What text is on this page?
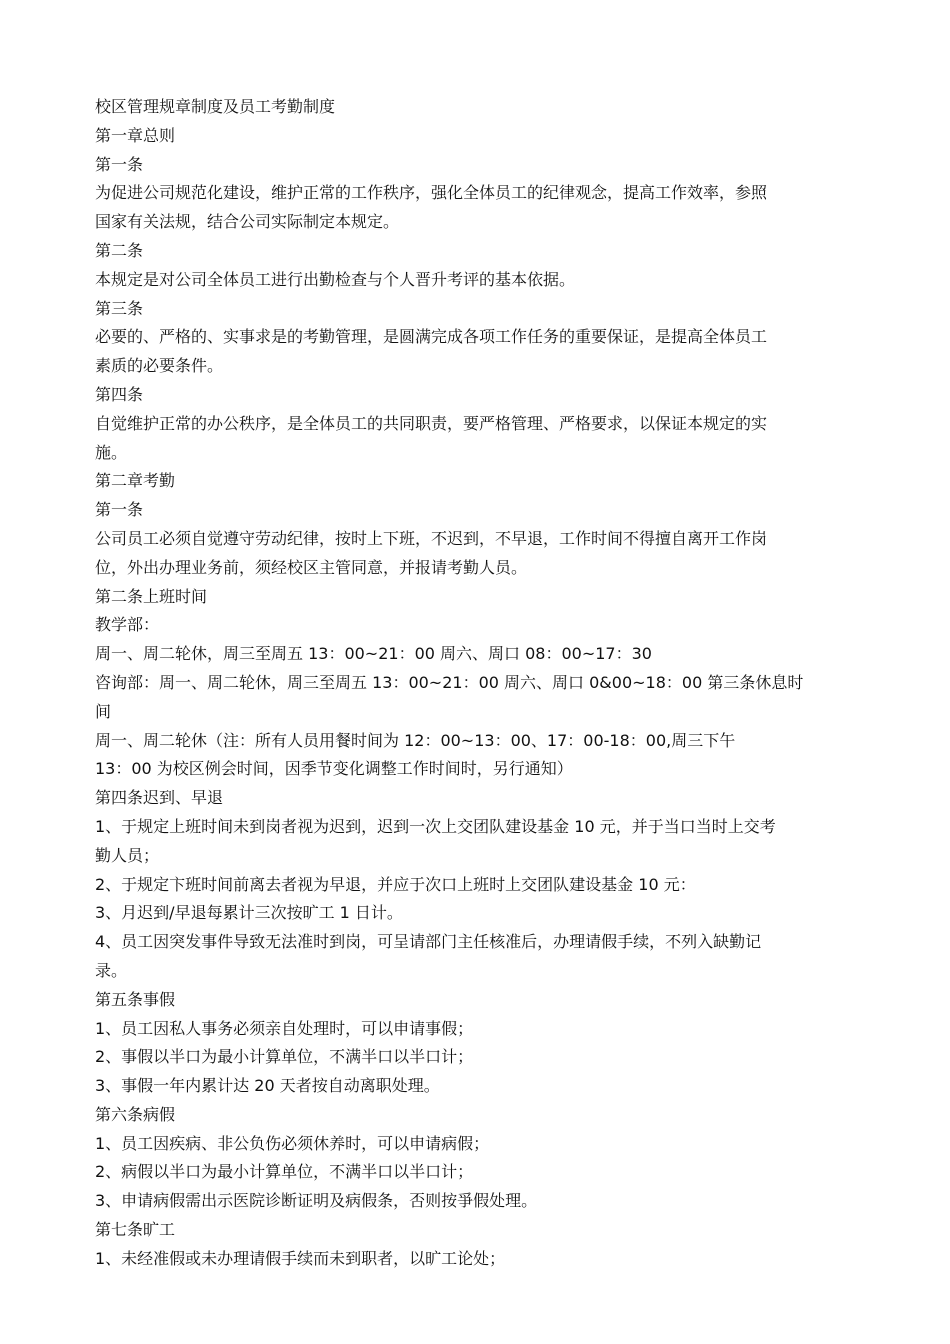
校区管理规章制度及员工考勤制度
第一章总则
第一条
为促进公司规范化建设，维护正常的工作秩序，强化全体员工的纪律观念，提高工作效率，参照
国家有关法规，结合公司实际制定本规定。
第二条
本规定是对公司全体员工进行出勤检查与个人晋升考评的基本依据。
第三条
必要的、严格的、实事求是的考勤管理，是圆满完成各项工作任务的重要保证，是提高全体员工
素质的必要条件。
第四条
自觉维护正常的办公秩序，是全体员工的共同职责，要严格管理、严格要求，以保证本规定的实
施。
第二章考勤
第一条
公司员工必须自觉遵守劳动纪律，按时上下班，不迟到，不早退，工作时间不得擅自离开工作岗
位，外出办理业务前，须经校区主管同意，并报请考勤人员。
第二条上班时间
教学部：
周一、周二轮休，周三至周五 13：00~21：00 周六、周口 08：00~17：30
咨询部：周一、周二轮休，周三至周五 13：00~21：00 周六、周口 0&00~18：00 第三条休息时
间
周一、周二轮休（注：所有人员用餐时间为 12：00~13：00、17：00-18：00,周三下午
13：00 为校区例会时间，因季节变化调整工作时间时，另行通知）
第四条迟到、早退
1、于规定上班时间未到岗者视为迟到，迟到一次上交团队建设基金 10 元，并于当口当时上交考
勤人员；
2、于规定卞班时间前离去者视为早退，并应于次口上班时上交团队建设基金 10 元：
3、月迟到/早退每累计三次按旷工 1 日计。
4、员工因突发事件导致无法准时到岗，可呈请部门主任核准后，办理请假手续，不列入缺勤记
录。
第五条事假
1、员工因私人事务必须亲自处理时，可以申请事假；
2、事假以半口为最小计算单位，不满半口以半口计；
3、事假一年内累计达 20 天者按自动离职处理。
第六条病假
1、员工因疾病、非公负伤必须休养时，可以申请病假；
2、病假以半口为最小计算单位，不满半口以半口计；
3、申请病假需出示医院诊断证明及病假条，否则按爭假处理。
第七条旷工
1、未经准假或未办理请假手续而未到职者，以旷工论处；
